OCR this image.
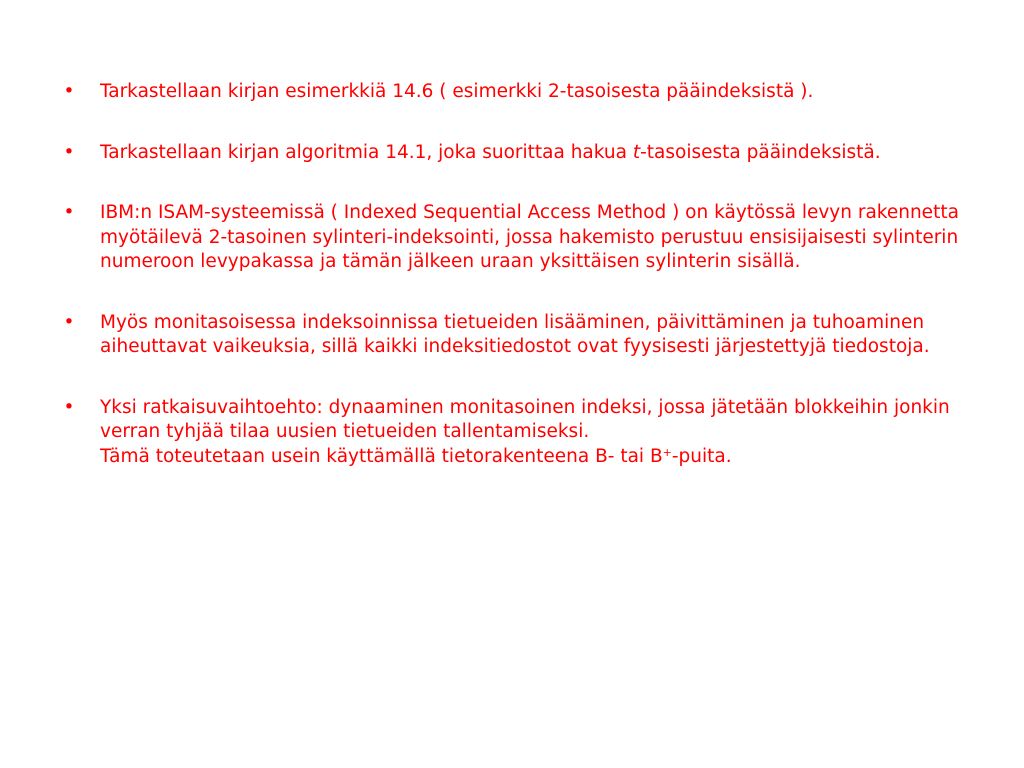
• Tarkastellaan kirjan esimerkkiä 14.6 ( esimerkki 2-tasoisesta pääindeksistä ).
• Tarkastellaan kirjan algoritmia 14.1, joka suorittaa hakua t-tasoisesta pääindeksistä.
• IBM:n ISAM-systeemissä ( Indexed Sequential Access Method ) on käytössä levyn rakennetta myötäilevä 2-tasoinen sylinteri-indeksointi, jossa hakemisto perustuu ensisijaisesti sylinterin numeroon levypakassa ja tämän jälkeen uraan yksittäisen sylinterin sisällä.
• Myös monitasoisessa indeksoinnissa tietueiden lisääminen, päivittäminen ja tuhoaminen aiheuttavat vaikeuksia, sillä kaikki indeksitiedostot ovat fyysisesti järjestettyjä tiedostoja.
• Yksi ratkaisuvaihtoehto: dynaaminen monitasoinen indeksi, jossa jätetään blokkeihin jonkin verran tyhjää tilaa uusien tietueiden tallentamiseksi.
Tämä toteutetaan usein käyttämällä tietorakenteena B- tai B+-puita.
